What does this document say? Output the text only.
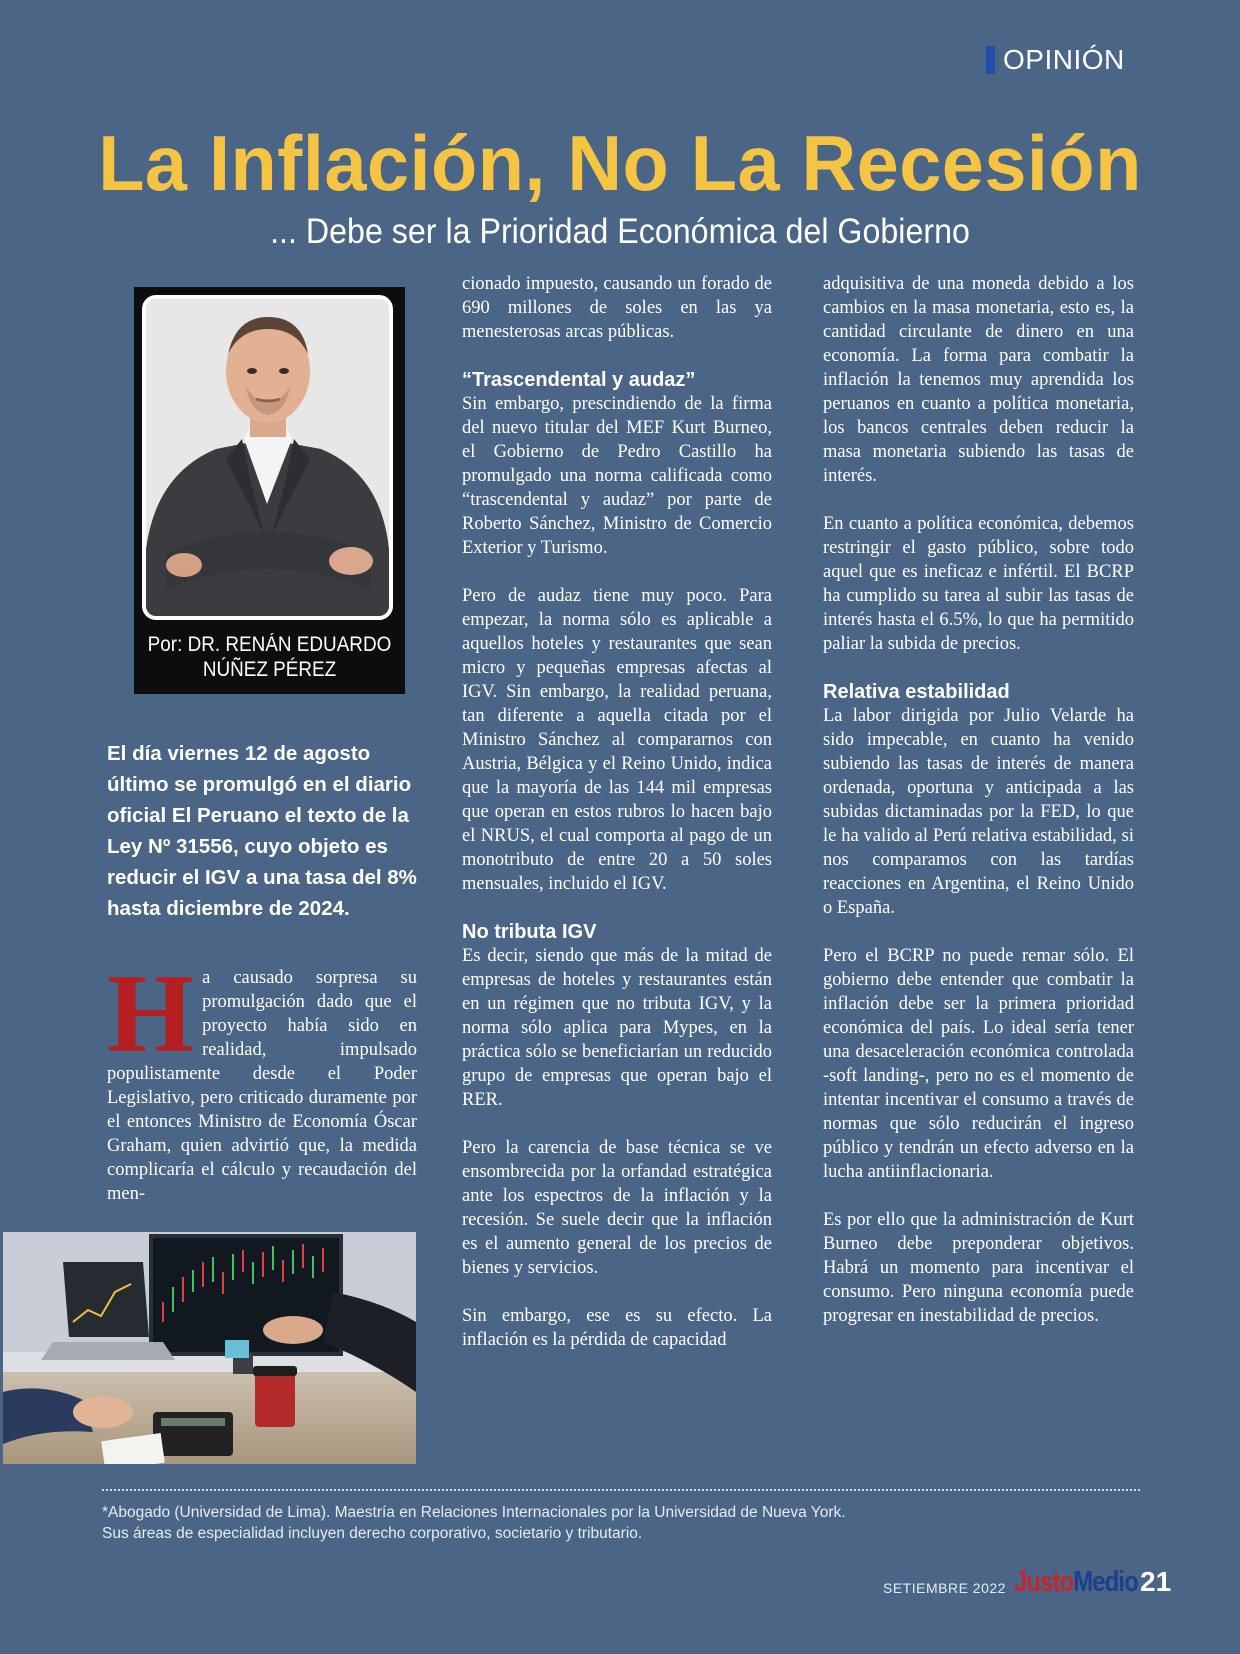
OPINIÓN
La Inflación, No La Recesión
... Debe ser la Prioridad Económica del Gobierno
Por: DR. RENÁN EDUARDO
NÚÑEZ PÉREZ
El día viernes 12 de agosto último se promulgó en el diario oficial El Peruano el texto de la Ley Nº 31556, cuyo objeto es reducir el IGV a una tasa del 8% hasta diciembre de 2024.
H a causado sorpresa su promulgación dado que el proyecto había sido en realidad, impulsado populistamente desde el Poder Legislativo, pero criticado duramente por el entonces Ministro de Economía Óscar Graham, quien advirtió que, la medida complicaría el cálculo y recaudación del men-

cionado impuesto, causando un forado de 690 millones de soles en las ya menesterosas arcas públicas.

“Trascendental y audaz”

Sin embargo, prescindiendo de la firma del nuevo titular del MEF Kurt Burneo, el Gobierno de Pedro Castillo ha promulgado una norma calificada como “trascendental y audaz” por parte de Roberto Sánchez, Ministro de Comercio Exterior y Turismo.

Pero de audaz tiene muy poco. Para empezar, la norma sólo es aplicable a aquellos hoteles y restaurantes que sean micro y pequeñas empresas afectas al IGV. Sin embargo, la realidad peruana, tan diferente a aquella citada por el Ministro Sánchez al compararnos con Austria, Bélgica y el Reino Unido, indica que la mayoría de las 144 mil empresas que operan en estos rubros lo hacen bajo el NRUS, el cual comporta al pago de un monotributo de entre 20 a 50 soles mensuales, incluido el IGV.

No tributa IGV

Es decir, siendo que más de la mitad de empresas de hoteles y restaurantes están en un régimen que no tributa IGV, y la norma sólo aplica para Mypes, en la práctica sólo se beneficiarían un reducido grupo de empresas que operan bajo el RER.

Pero la carencia de base técnica se ve ensombrecida por la orfandad estratégica ante los espectros de la inflación y la recesión. Se suele decir que la inflación es el aumento general de los precios de bienes y servicios.

Sin embargo, ese es su efecto. La inflación es la pérdida de capacidad

adquisitiva de una moneda debido a los cambios en la masa monetaria, esto es, la cantidad circulante de dinero en una economía. La forma para combatir la inflación la tenemos muy aprendida los peruanos en cuanto a política monetaria, los bancos centrales deben reducir la masa monetaria subiendo las tasas de interés.

En cuanto a política económica, debemos restringir el gasto público, sobre todo aquel que es ineficaz e infértil. El BCRP ha cumplido su tarea al subir las tasas de interés hasta el 6.5%, lo que ha permitido paliar la subida de precios.

Relativa estabilidad

La labor dirigida por Julio Velarde ha sido impecable, en cuanto ha venido subiendo las tasas de interés de manera ordenada, oportuna y anticipada a las subidas dictaminadas por la FED, lo que le ha valido al Perú relativa estabilidad, si nos comparamos con las tardías reacciones en Argentina, el Reino Unido o España.

Pero el BCRP no puede remar sólo. El gobierno debe entender que combatir la inflación debe ser la primera prioridad económica del país. Lo ideal sería tener una desaceleración económica controlada -soft landing-, pero no es el momento de intentar incentivar el consumo a través de normas que sólo reducirán el ingreso público y tendrán un efecto adverso en la lucha antiinflacionaria.

Es por ello que la administración de Kurt Burneo debe preponderar objetivos. Habrá un momento para incentivar el consumo. Pero ninguna economía puede progresar en inestabilidad de precios.

*Abogado (Universidad de Lima). Maestría en Relaciones Internacionales por la Universidad de Nueva York.
Sus áreas de especialidad incluyen derecho corporativo, societario y tributario.
SETIEMBRE 2022 Justo Medio 21
